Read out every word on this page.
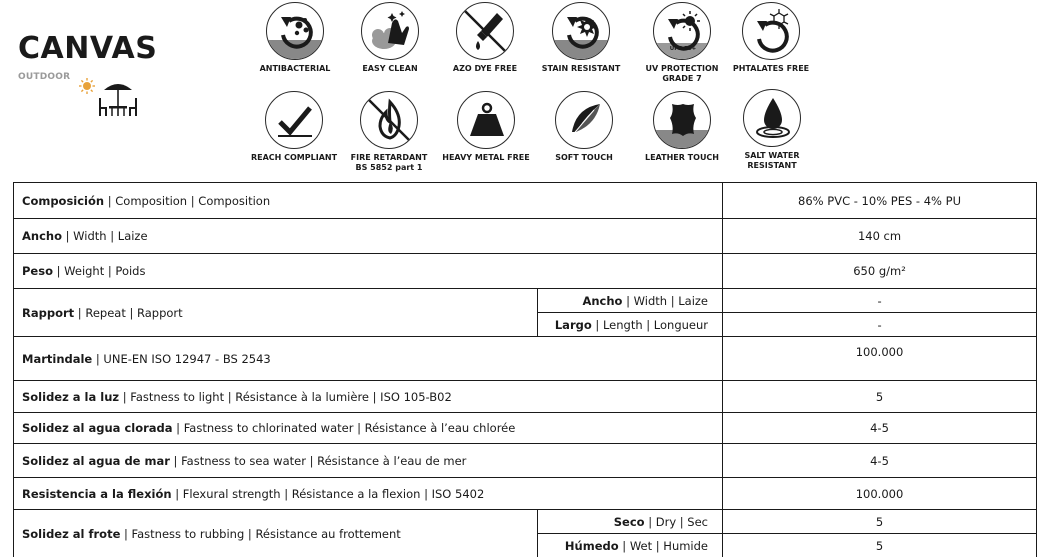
CANVAS
OUTDOOR
ANTIBACTERIAL	EASY CLEAN	AZO DYE FREE	STAIN RESISTANT
UPF 50+
UV PROTECTION
GRADE 7
PHTALATES FREE
REACH COMPLIANT	FIRE RETARDANT
BS 5852 part 1
HEAVY METAL FREE	SOFT TOUCH	LEATHER TOUCH	SALT WATER
RESISTANT
Composición | Composition | Composition		86% PVC - 10% PES - 4% PU
Ancho | Width | Laize		140 cm
Peso | Weight | Poids		650 g/m²
Rapport | Repeat | Rapport	Ancho | Width | Laize	-
	Largo | Length | Longueur	-
Martindale | UNE-EN ISO 12947 - BS 2543		100.000
Solidez a la luz | Fastness to light | Résistance à la lumière | ISO 105-B02		5
Solidez al agua clorada | Fastness to chlorinated water | Résistance à l’eau chlorée		4-5
Solidez al agua de mar | Fastness to sea water | Résistance à l’eau de mer		4-5
Resistencia a la flexión | Flexural strength | Résistance a la flexion | ISO 5402		100.000
Solidez al frote | Fastness to rubbing | Résistance au frottement	Seco | Dry | Sec	5
	Húmedo | Wet | Humide	5
